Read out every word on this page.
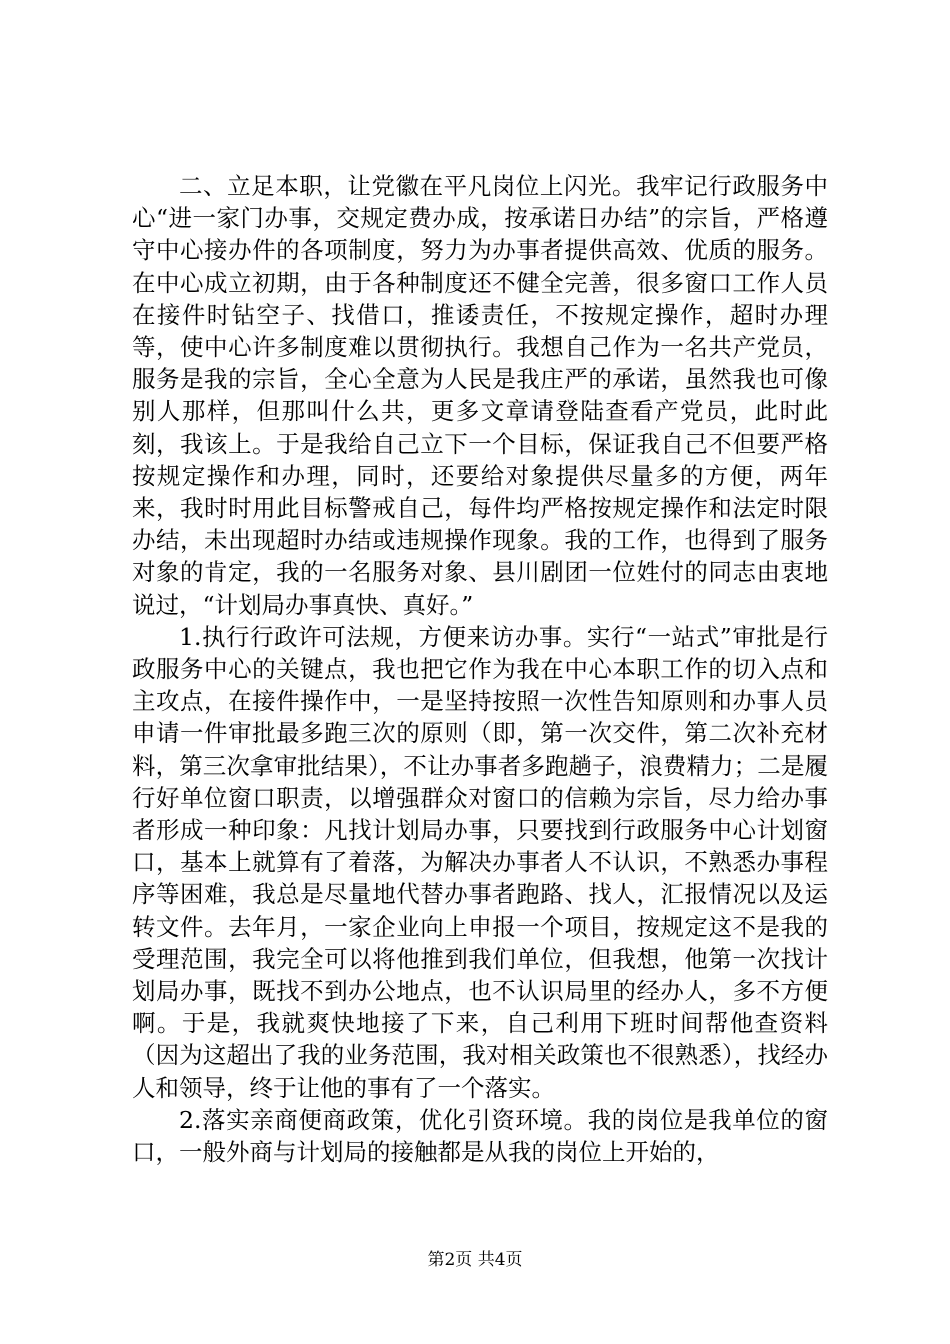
二、立足本职，让党徽在平凡岗位上闪光。我牢记行政服务中心“进一家门办事，交规定费办成，按承诺日办结”的宗旨，严格遵守中心接办件的各项制度，努力为办事者提供高效、优质的服务。在中心成立初期，由于各种制度还不健全完善，很多窗口工作人员在接件时钻空子、找借口，推诿责任，不按规定操作，超时办理等，使中心许多制度难以贯彻执行。我想自己作为一名共产党员，服务是我的宗旨，全心全意为人民是我庄严的承诺，虽然我也可像别人那样，但那叫什么共，更多文章请登陆查看产党员，此时此刻，我该上。于是我给自己立下一个目标，保证我自己不但要严格按规定操作和办理，同时，还要给对象提供尽量多的方便，两年来，我时时用此目标警戒自己，每件均严格按规定操作和法定时限办结，未出现超时办结或违规操作现象。我的工作，也得到了服务对象的肯定，我的一名服务对象、县川剧团一位姓付的同志由衷地说过，“计划局办事真快、真好。”

1.执行行政许可法规，方便来访办事。实行“一站式”审批是行政服务中心的关键点，我也把它作为我在中心本职工作的切入点和主攻点，在接件操作中，一是坚持按照一次性告知原则和办事人员申请一件审批最多跑三次的原则（即，第一次交件，第二次补充材料，第三次拿审批结果），不让办事者多跑趟子，浪费精力；二是履行好单位窗口职责，以增强群众对窗口的信赖为宗旨，尽力给办事者形成一种印象：凡找计划局办事，只要找到行政服务中心计划窗口，基本上就算有了着落，为解决办事者人不认识，不熟悉办事程序等困难，我总是尽量地代替办事者跑路、找人，汇报情况以及运转文件。去年月，一家企业向上申报一个项目，按规定这不是我的受理范围，我完全可以将他推到我们单位，但我想，他第一次找计划局办事，既找不到办公地点，也不认识局里的经办人，多不方便啊。于是，我就爽快地接了下来，自己利用下班时间帮他查资料（因为这超出了我的业务范围，我对相关政策也不很熟悉），找经办人和领导，终于让他的事有了一个落实。

2.落实亲商便商政策，优化引资环境。我的岗位是我单位的窗口，一般外商与计划局的接触都是从我的岗位上开始的，

第2页 共4页
